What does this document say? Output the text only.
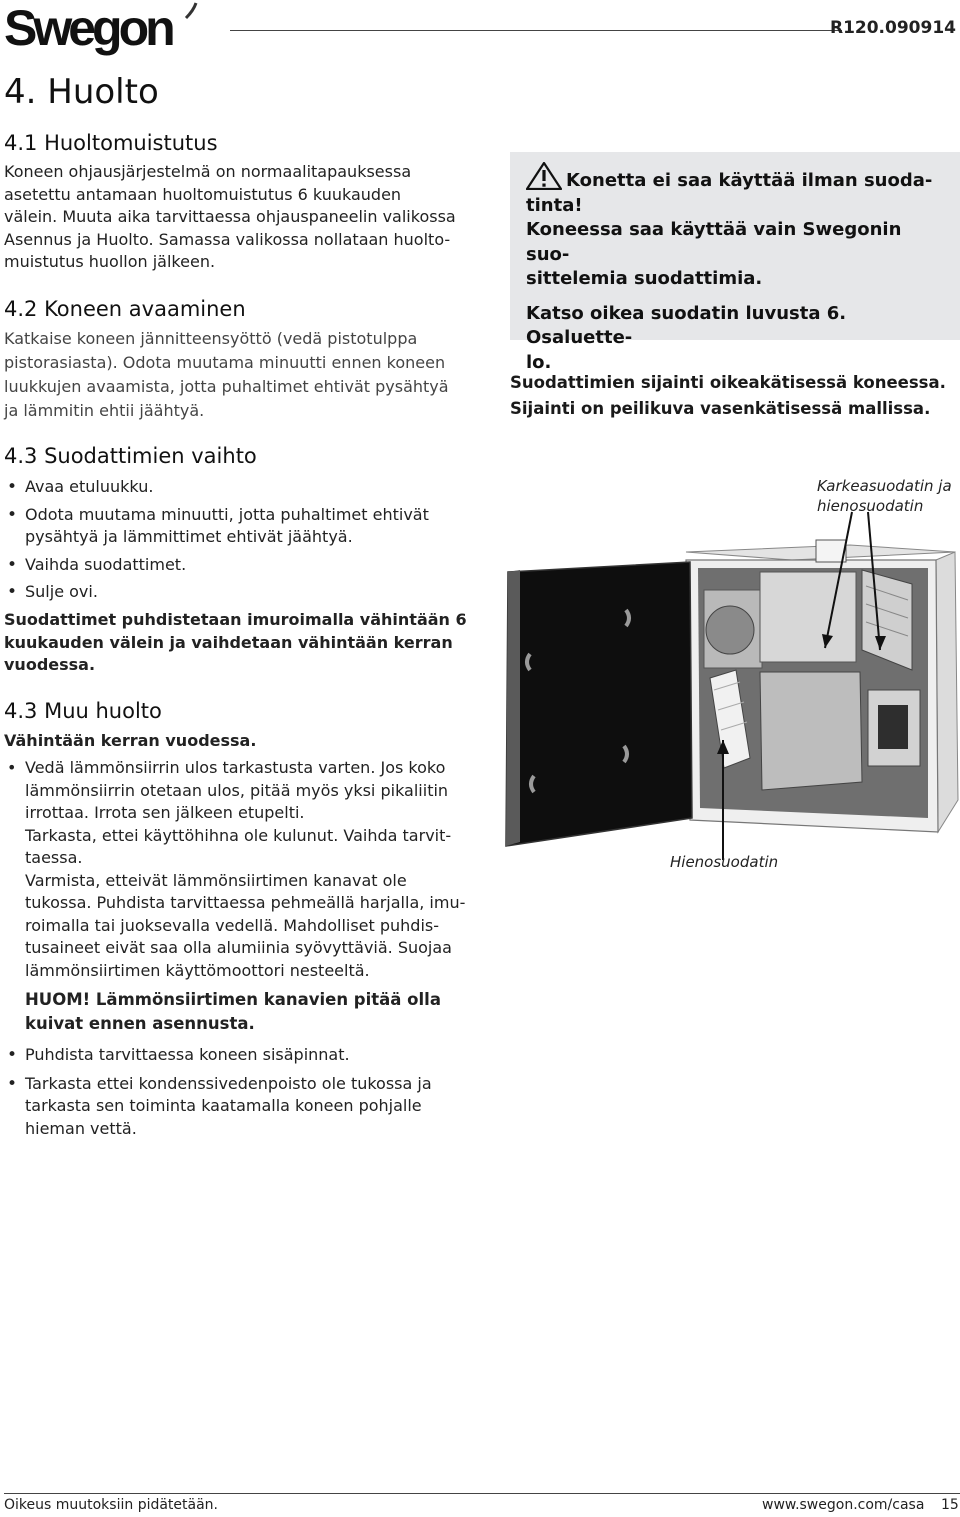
Swegon	R120.090914
4. Huolto
4.1 Huoltomuistutus
Koneen ohjausjärjestelmä on normaalitapauksessa
asetettu antamaan huoltomuistutus 6 kuukauden
välein. Muuta aika tarvittaessa ohjauspaneelin valikossa
Asennus ja Huolto. Samassa valikossa nollataan huolto-
muistutus huollon jälkeen.
4.2 Koneen avaaminen
Katkaise koneen jännitteensyöttö (vedä pistotulppa
pistorasiasta). Odota muutama minuutti ennen koneen
luukkujen avaamista, jotta puhaltimet ehtivät pysähtyä
ja lämmitin ehtii jäähtyä.
4.3 Suodattimien vaihto
• Avaa etuluukku.
• Odota muutama minuutti, jotta puhaltimet ehtivät
pysähtyä ja lämmittimet ehtivät jäähtyä.
• Vaihda suodattimet.
• Sulje ovi.
Suodattimet puhdistetaan imuroimalla vähintään 6
kuukauden välein ja vaihdetaan vähintään kerran
vuodessa.
4.3 Muu huolto
Vähintään kerran vuodessa.
• Vedä lämmönsiirrin ulos tarkastusta varten. Jos koko
lämmönsiirrin otetaan ulos, pitää myös yksi pikaliitin
irrottaa. Irrota sen jälkeen etupelti.
Tarkasta, ettei käyttöhihna ole kulunut. Vaihda tarvit-
taessa.
Varmista, etteivät lämmönsiirtimen kanavat ole
tukossa. Puhdista tarvittaessa pehmeällä harjalla, imu-
roimalla tai juoksevalla vedellä. Mahdolliset puhdis-
tusaineet eivät saa olla alumiinia syövyttäviä. Suojaa
lämmönsiirtimen käyttömoottori nesteeltä.
HUOM! Lämmönsiirtimen kanavien pitää olla
kuivat ennen asennusta.
• Puhdista tarvittaessa koneen sisäpinnat.
• Tarkasta ettei kondenssivedenpoisto ole tukossa ja
tarkasta sen toiminta kaatamalla koneen pohjalle
hieman vettä.

Konetta ei saa käyttää ilman suoda-

tinta!

Koneessa saa käyttää vain Swegonin suo-

sittelemia suodattimia.

Katso oikea suodatin luvusta 6. Osaluette-

lo.

Suodattimien sijainti oikeakätisessä koneessa.
Sijainti on peilikuva vasenkätisessä mallissa.
Karkeasuodatin ja
hienosuodatin
Hienosuodatin
Oikeus muutoksiin pidätetään.	www.swegon.com/casa 15
